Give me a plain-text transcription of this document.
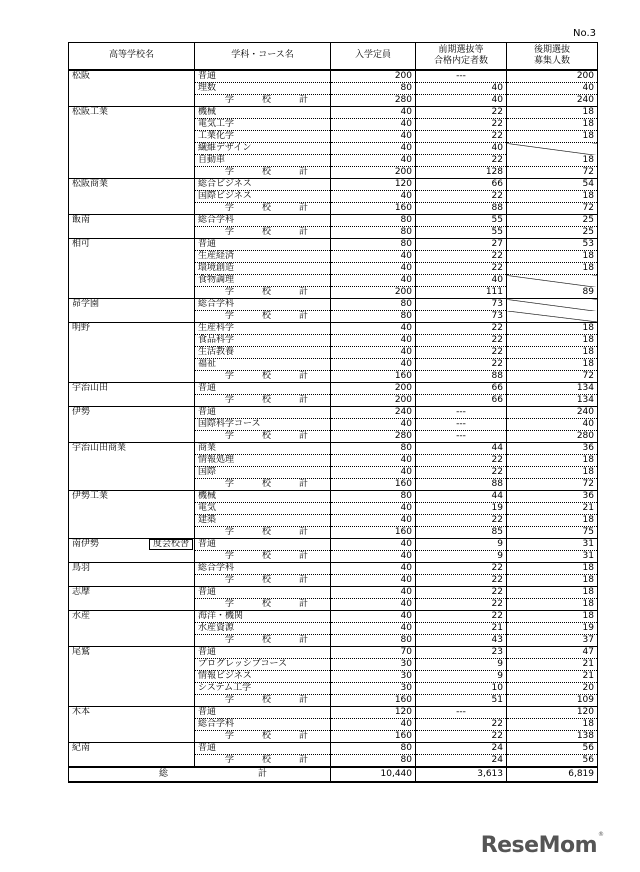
No.3
高等学校名	学科・コース名	入学定員	前期選抜等
合格内定者数	後期選抜
募集人数

松阪	普通	200	---	200
	理数	80	40	40
	学校計	280	40	240

松阪工業	機械	40	22	18
	電気工学	40	22	18
	工業化学	40	22	18
	繊維デザイン	40	40	
	自動車	40	22	18
	学校計	200	128	72

松阪商業	総合ビジネス	120	66	54
	国際ビジネス	40	22	18
	学校計	160	88	72

飯南	総合学科	80	55	25
	学校計	80	55	25

相可	普通	80	27	53
	生産経済	40	22	18
	環境創造	40	22	18
	食物調理	40	40	
	学校計	200	111	89

昴学園	総合学科	80	73	
	学校計	80	73	

明野	生産科学	40	22	18
	食品科学	40	22	18
	生活教養	40	22	18
	福祉	40	22	18
	学校計	160	88	72

宇治山田	普通	200	66	134
	学校計	200	66	134

伊勢	普通	240	---	240
	国際科学コース	40	---	40
	学校計	280	---	280

宇治山田商業	商業	80	44	36
	情報処理	40	22	18
	国際	40	22	18
	学校計	160	88	72

伊勢工業	機械	80	44	36
	電気	40	19	21
	建築	40	22	18
	学校計	160	85	75

南伊勢 度会校舎	普通	40	9	31
	学校計	40	9	31

鳥羽	総合学科	40	22	18
	学校計	40	22	18

志摩	普通	40	22	18
	学校計	40	22	18

水産	海洋・機関	40	22	18
	水産資源	40	21	19
	学校計	80	43	37

尾鷲	普通	70	23	47
	プログレッシブコース	30	9	21
	情報ビジネス	30	9	21
	システム工学	30	10	20
	学校計	160	51	109

木本	普通	120	---	120
	総合学科	40	22	18
	学校計	160	22	138

紀南	普通	80	24	56
	学校計	80	24	56
総計		10,440	3,613	6,819
ReseMom ®
